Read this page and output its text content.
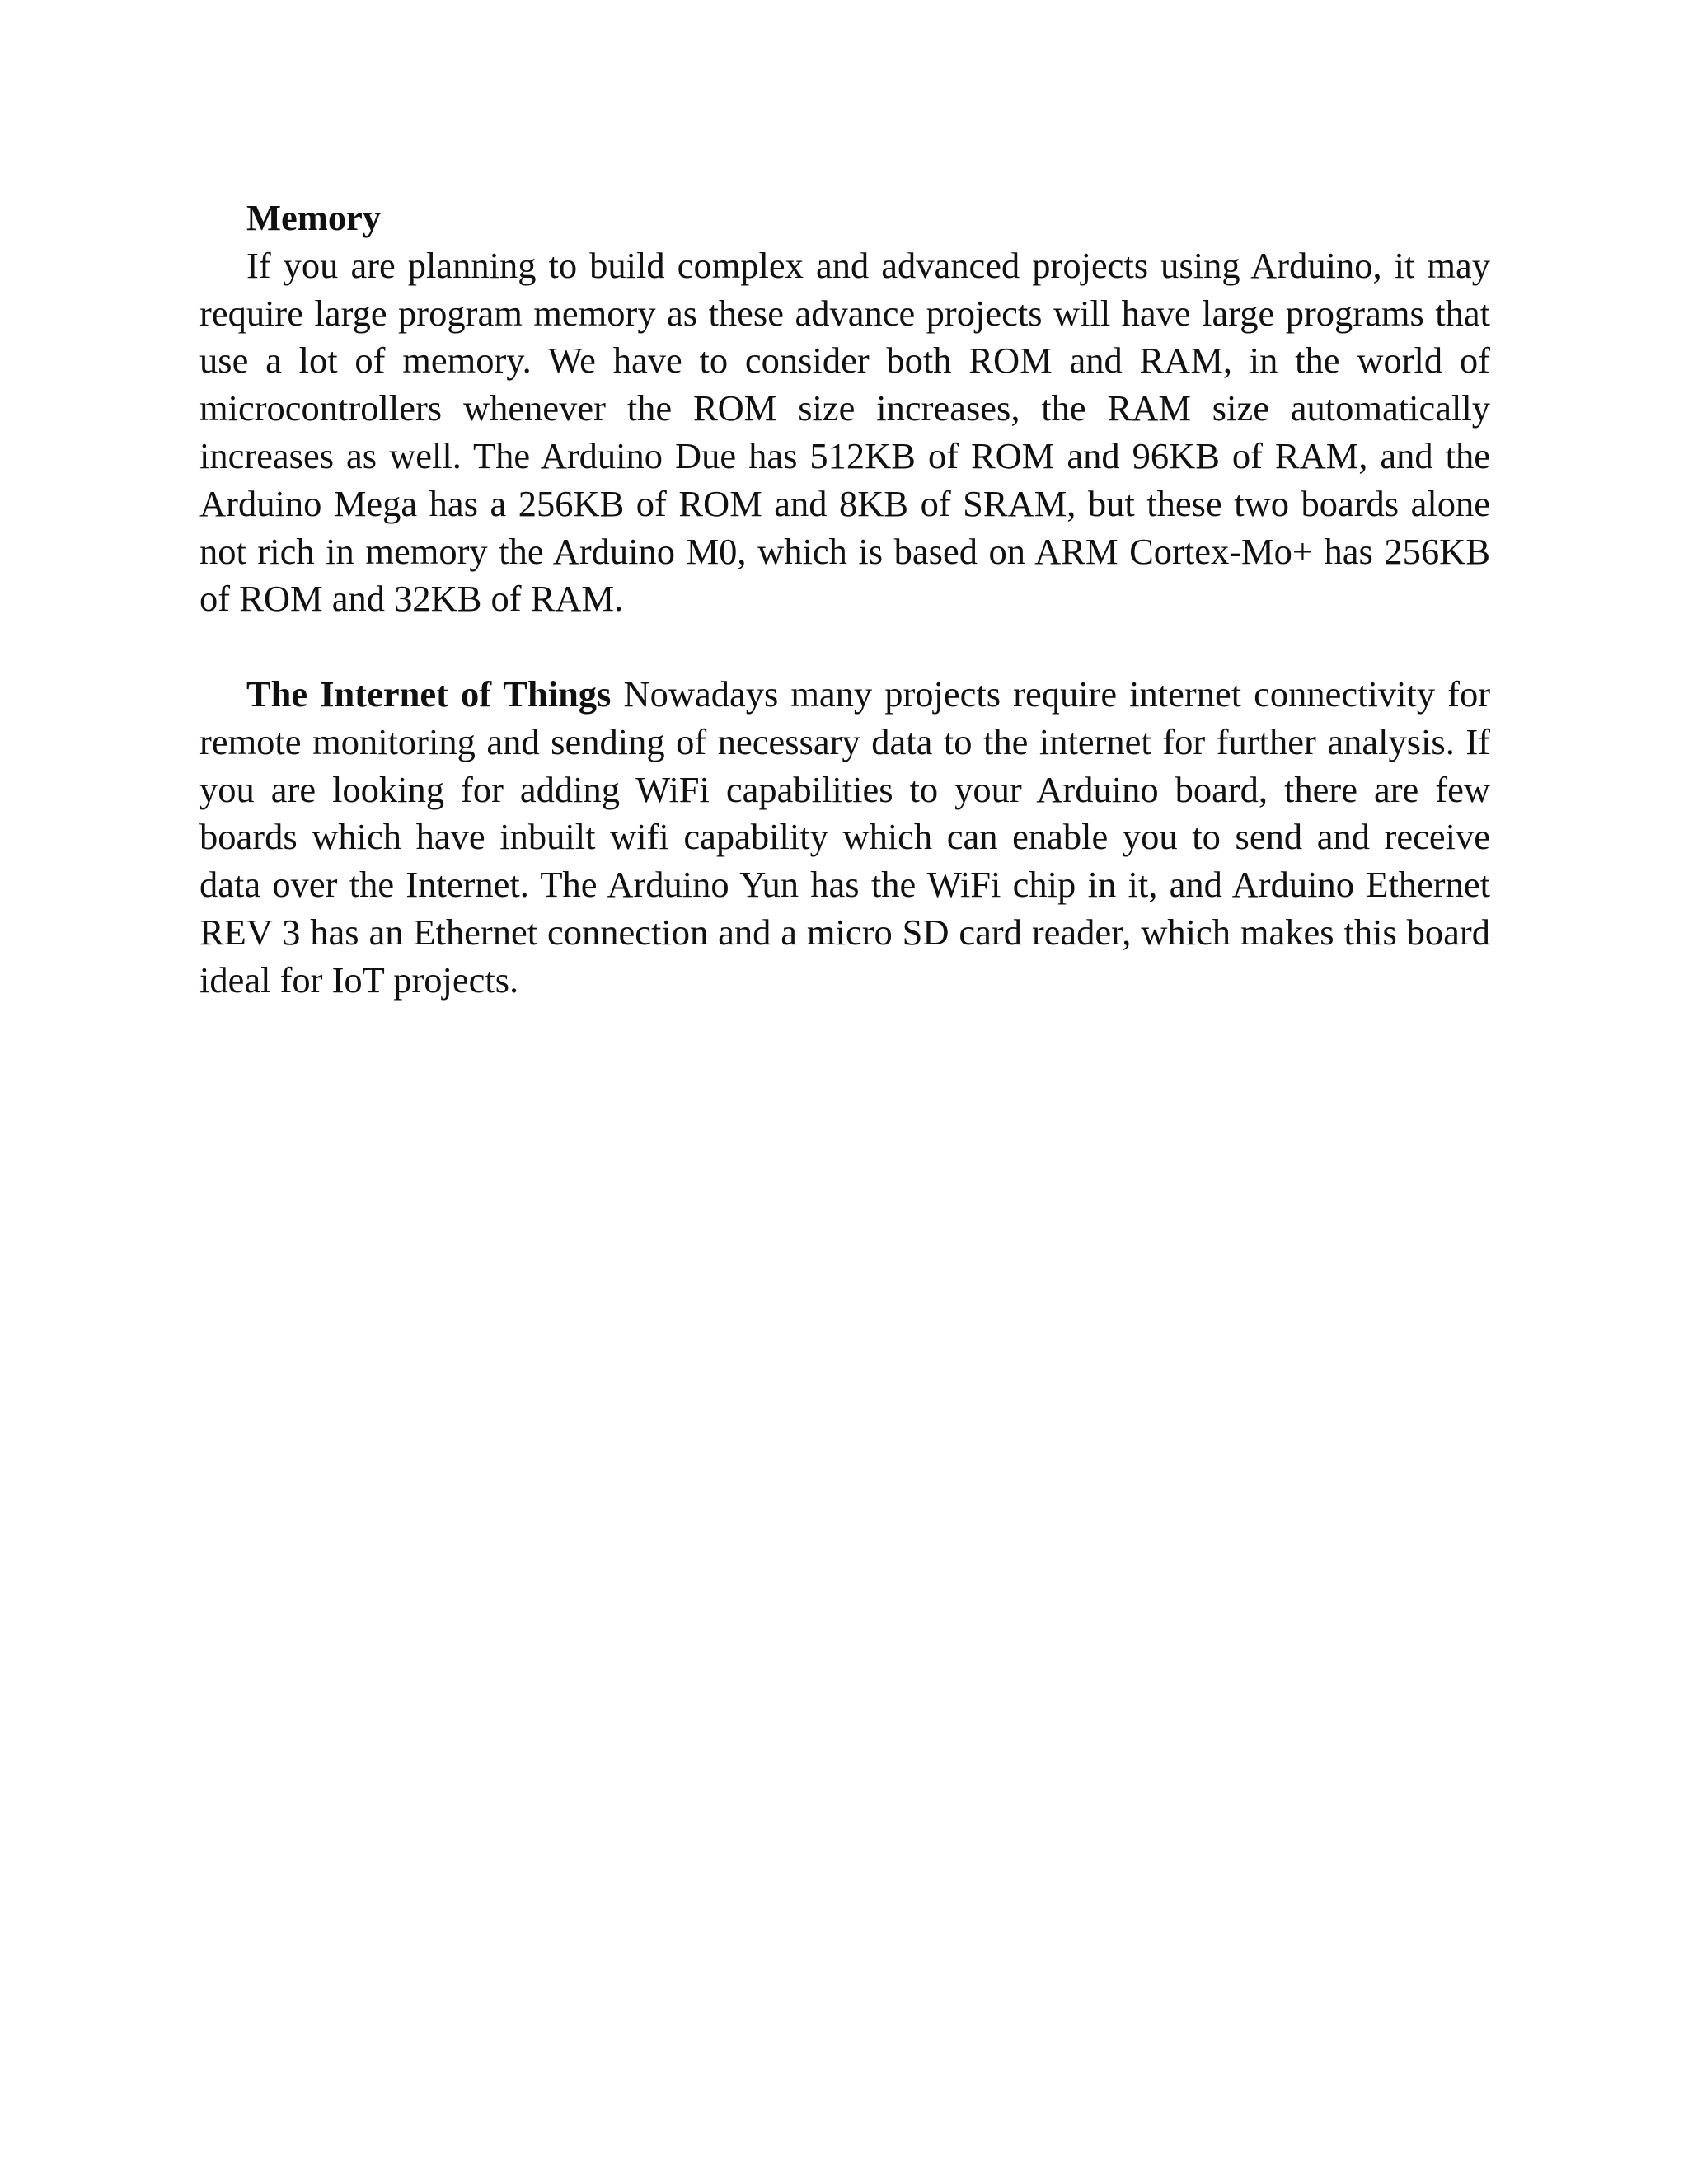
Memory

If you are planning to build complex and advanced projects using Arduino, it may require large program memory as these advance projects will have large programs that use a lot of memory. We have to consider both ROM and RAM, in the world of microcontrollers whenever the ROM size increases, the RAM size automatically increases as well. The Arduino Due has 512KB of ROM and 96KB of RAM, and the Arduino Mega has a 256KB of ROM and 8KB of SRAM, but these two boards alone not rich in memory the Arduino M0, which is based on ARM Cortex-Mo+ has 256KB of ROM and 32KB of RAM.

The Internet of Things Nowadays many projects require internet connectivity for remote monitoring and sending of necessary data to the internet for further analysis. If you are looking for adding WiFi capabilities to your Arduino board, there are few boards which have inbuilt wifi capability which can enable you to send and receive data over the Internet. The Arduino Yun has the WiFi chip in it, and Arduino Ethernet REV 3 has an Ethernet connection and a micro SD card reader, which makes this board ideal for IoT projects.
